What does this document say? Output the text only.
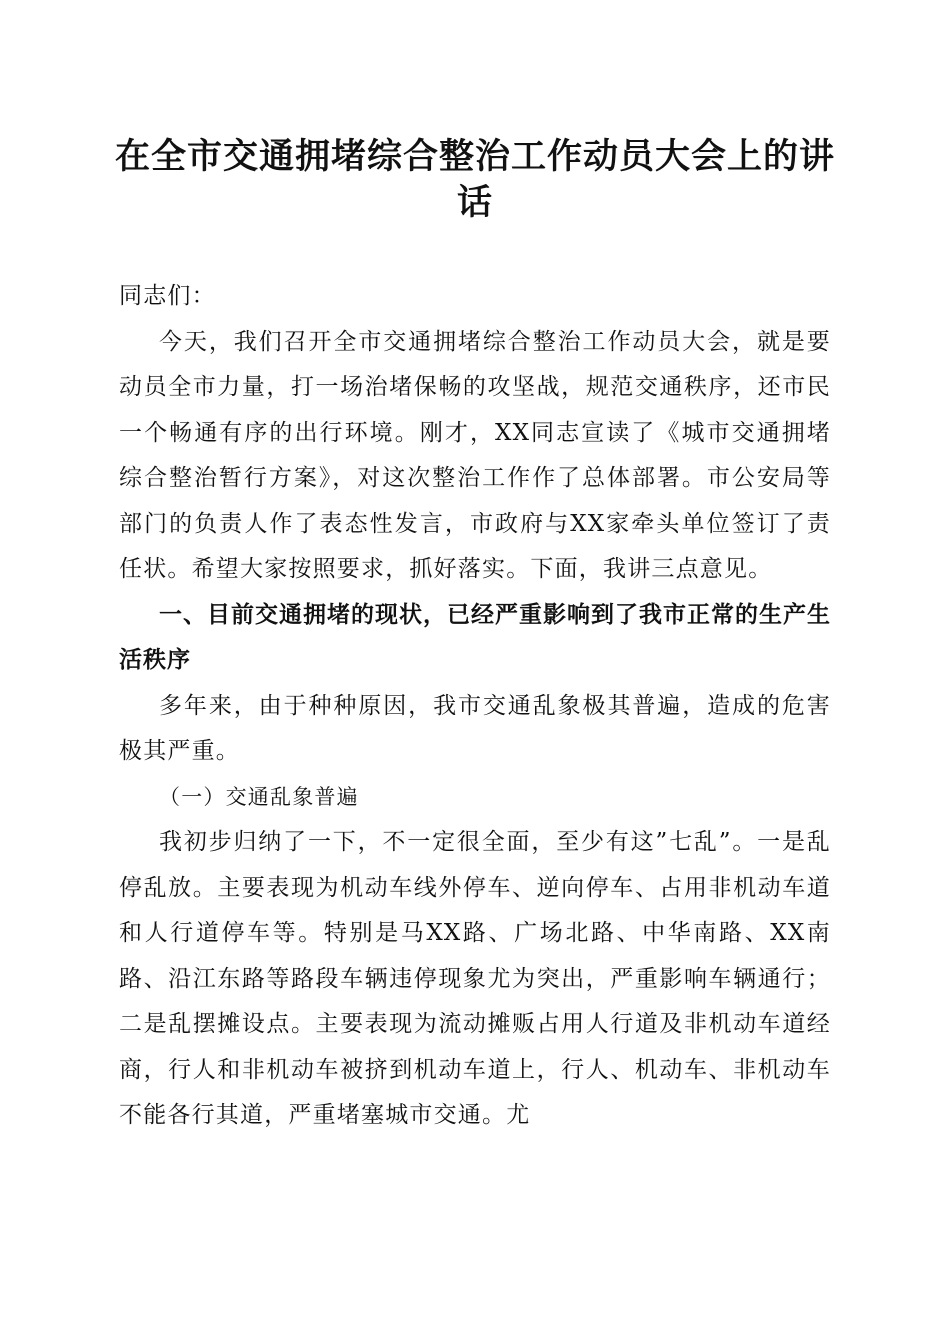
在全市交通拥堵综合整治工作动员大会上的讲话

同志们：

今天，我们召开全市交通拥堵综合整治工作动员大会，就是要动员全市力量，打一场治堵保畅的攻坚战，规范交通秩序，还市民一个畅通有序的出行环境。刚才，XX同志宣读了《城市交通拥堵综合整治暂行方案》，对这次整治工作作了总体部署。市公安局等部门的负责人作了表态性发言，市政府与XX家牵头单位签订了责任状。希望大家按照要求，抓好落实。下面，我讲三点意见。

一、目前交通拥堵的现状，已经严重影响到了我市正常的生产生活秩序

多年来，由于种种原因，我市交通乱象极其普遍，造成的危害极其严重。

（一）交通乱象普遍

我初步归纳了一下，不一定很全面，至少有这”七乱”。一是乱停乱放。主要表现为机动车线外停车、逆向停车、占用非机动车道和人行道停车等。特别是马XX路、广场北路、中华南路、XX南路、沿江东路等路段车辆违停现象尤为突出，严重影响车辆通行；二是乱摆摊设点。主要表现为流动摊贩占用人行道及非机动车道经商，行人和非机动车被挤到机动车道上，行人、机动车、非机动车不能各行其道，严重堵塞城市交通。尤
